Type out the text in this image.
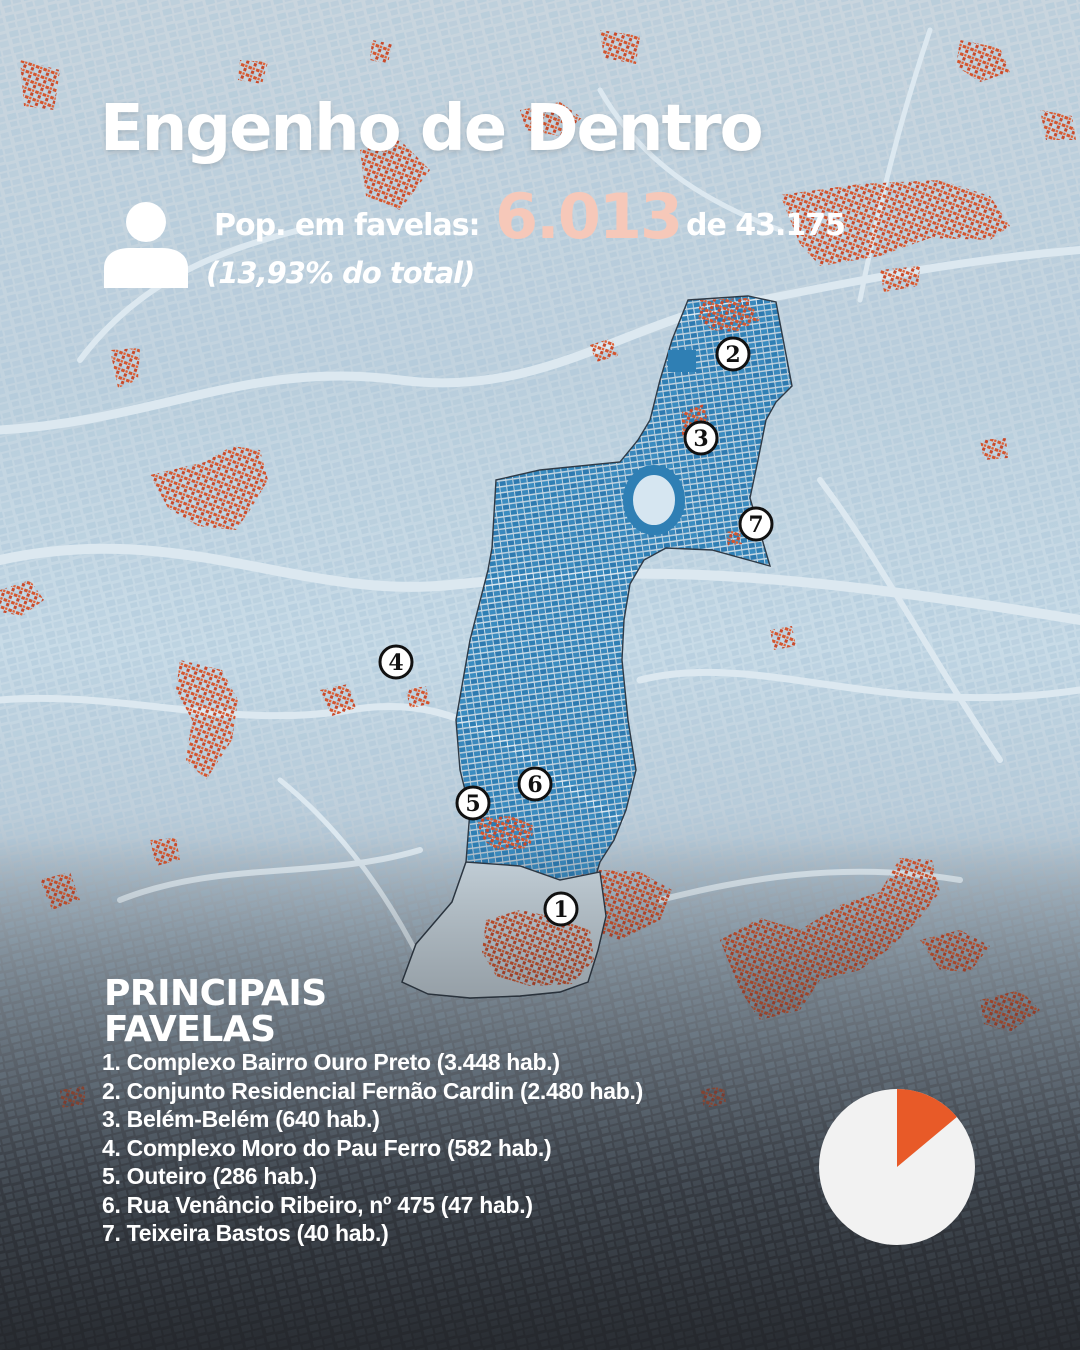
1
2
3
4
5
6
7
Engenho de Dentro
Pop. em favelas: 6.013 de 43.175
(13,93% do total)
PRINCIPAIS
FAVELAS
1. Complexo Bairro Ouro Preto (3.448 hab.)
2. Conjunto Residencial Fernão Cardin (2.480 hab.)
3. Belém-Belém (640 hab.)
4. Complexo Moro do Pau Ferro (582 hab.)
5. Outeiro (286 hab.)
6. Rua Venâncio Ribeiro, nº 475 (47 hab.)
7. Teixeira Bastos (40 hab.)
